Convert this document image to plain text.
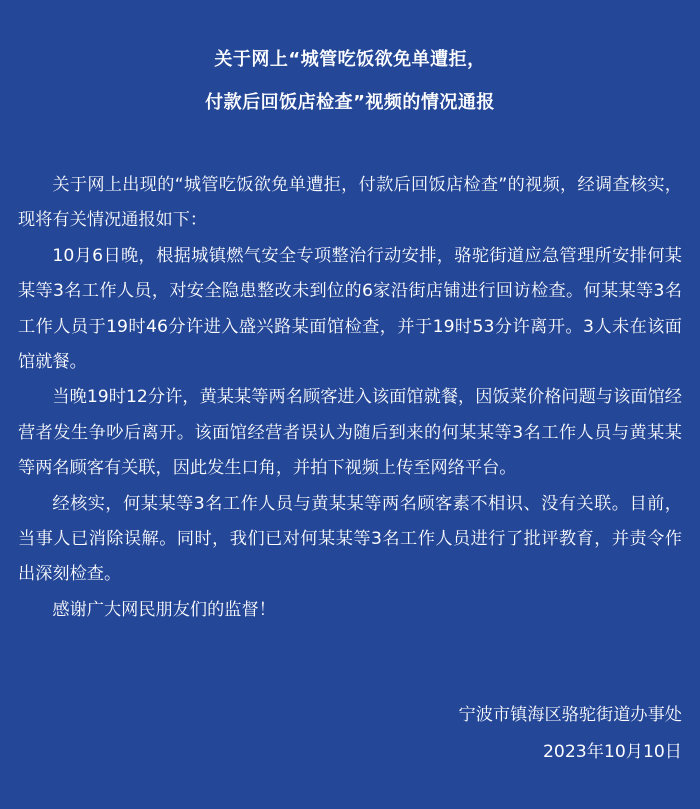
关于网上“城管吃饭欲免单遭拒，
付款后回饭店检查”视频的情况通报

关于网上出现的“城管吃饭欲免单遭拒，付款后回饭店检查”的视频，经调查核实，现将有关情况通报如下：

10月6日晚，根据城镇燃气安全专项整治行动安排，骆驼街道应急管理所安排何某某等3名工作人员，对安全隐患整改未到位的6家沿街店铺进行回访检查。何某某等3名工作人员于19时46分许进入盛兴路某面馆检查，并于19时53分许离开。3人未在该面馆就餐。

当晚19时12分许，黄某某等两名顾客进入该面馆就餐，因饭菜价格问题与该面馆经营者发生争吵后离开。该面馆经营者误认为随后到来的何某某等3名工作人员与黄某某等两名顾客有关联，因此发生口角，并拍下视频上传至网络平台。

经核实，何某某等3名工作人员与黄某某等两名顾客素不相识、没有关联。目前，当事人已消除误解。同时，我们已对何某某等3名工作人员进行了批评教育，并责令作出深刻检查。

感谢广大网民朋友们的监督！

宁波市镇海区骆驼街道办事处
2023年10月10日
